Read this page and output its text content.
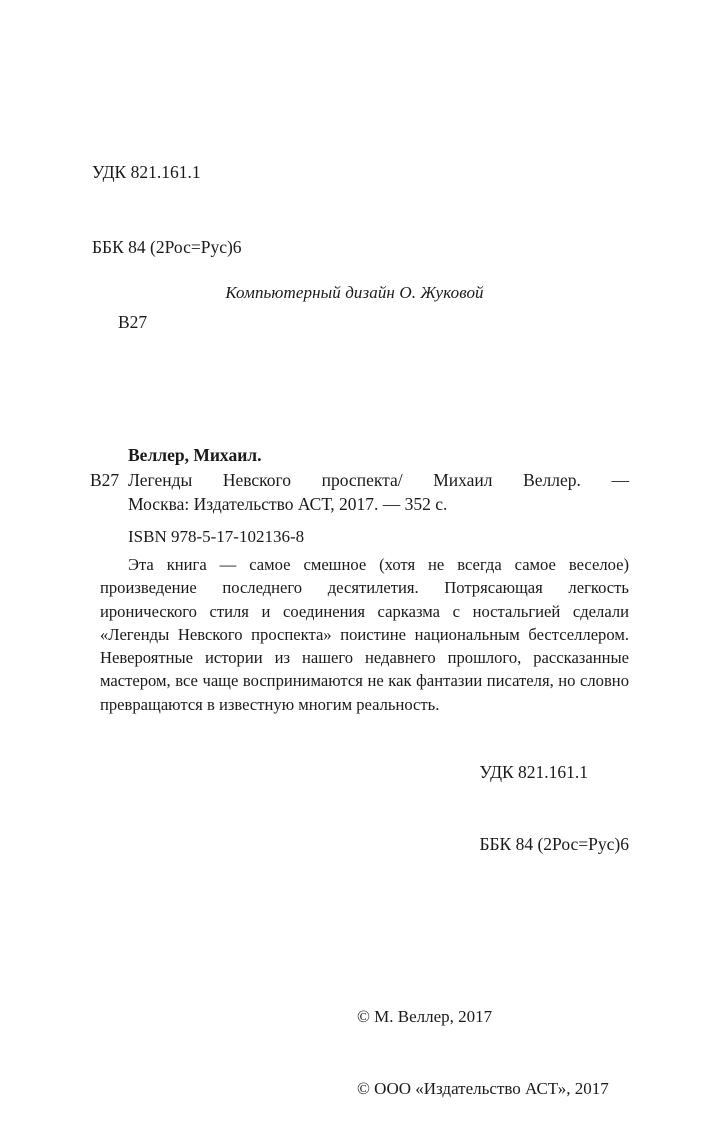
УДК 821.161.1

ББК 84 (2Рос=Рус)6

В27

Компьютерный дизайн О. Жуковой
Веллер, Михаил.
В27 Легенды Невского проспекта/ Михаил Веллер. —
Москва: Издательство АСТ, 2017. — 352 с.
ISBN 978-5-17-102136-8
Эта книга — самое смешное (хотя не всегда самое веселое) произведение последнего десятилетия. Потрясающая легкость иронического стиля и соединения сарказма с ностальгией сделали «Легенды Невского проспекта» поистине национальным бестселлером. Невероятные истории из нашего недавнего прошлого, рассказанные мастером, все чаще воспринимаются не как фантазии писателя, но словно превращаются в известную многим реальность.

УДК 821.161.1

ББК 84 (2Рос=Рус)6

© М. Веллер, 2017

© ООО «Издательство АСТ», 2017
